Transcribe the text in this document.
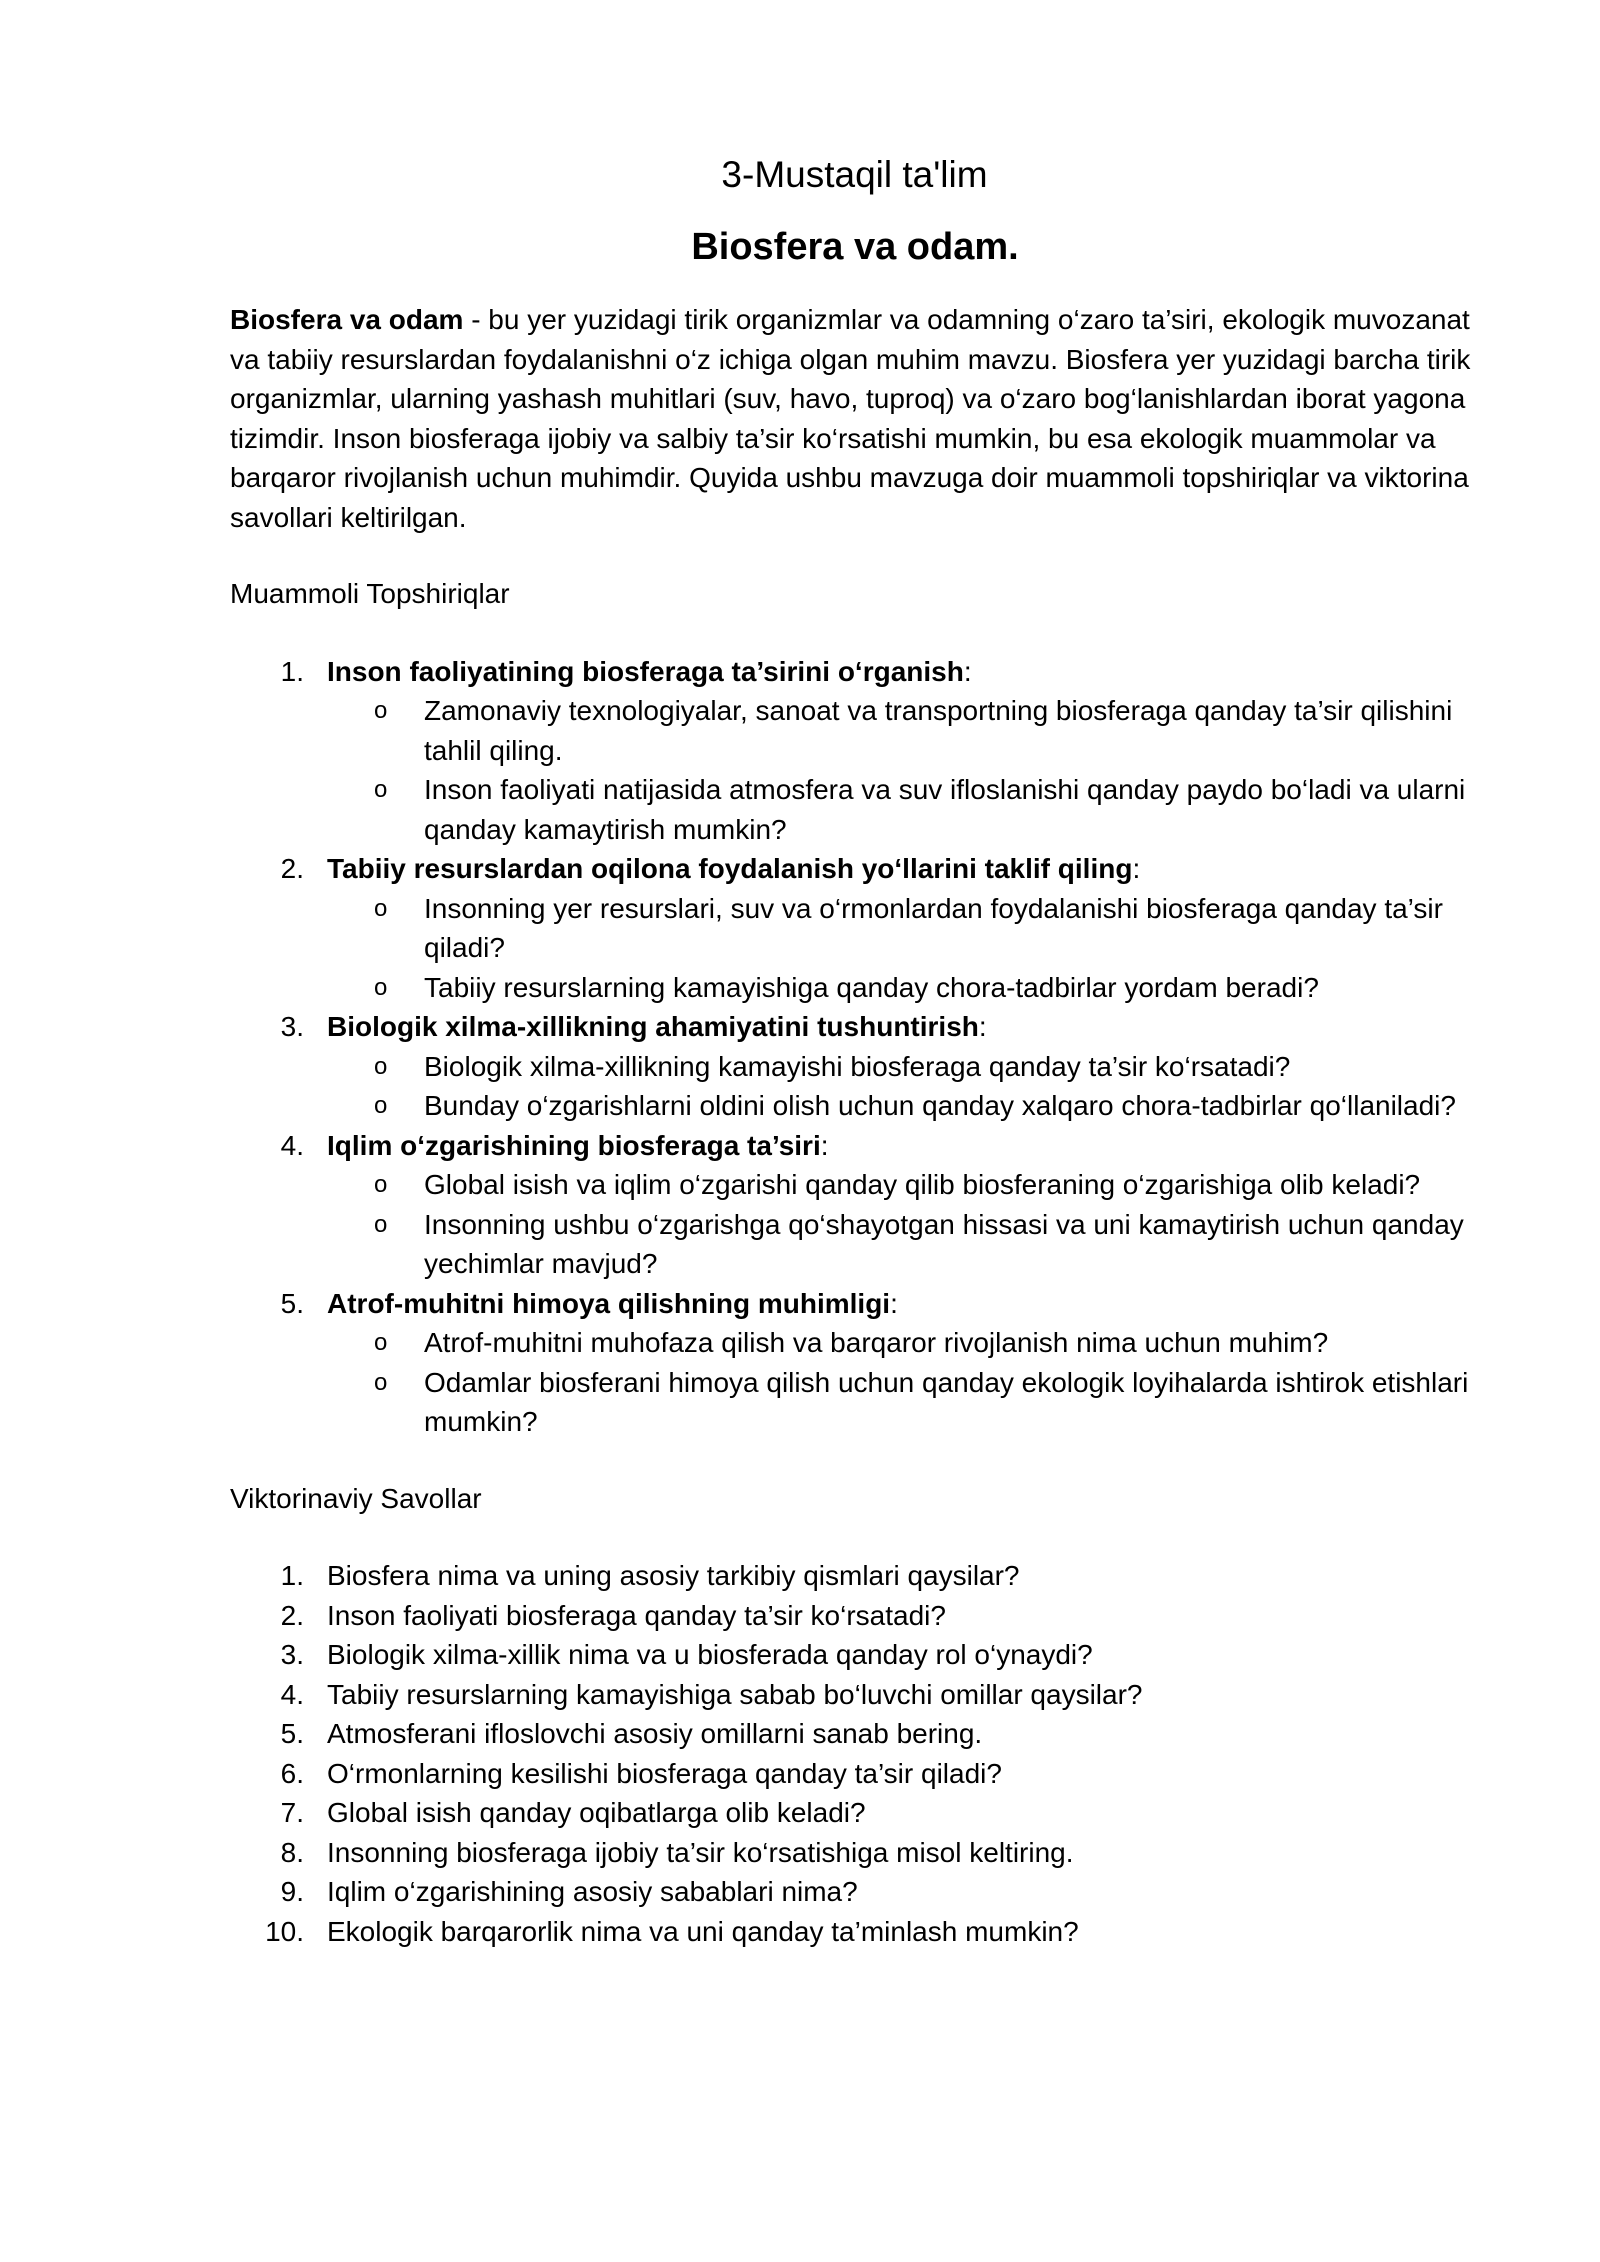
3-Mustaqil ta'lim
Biosfera va odam.

Biosfera va odam - bu yer yuzidagi tirik organizmlar va odamning o‘zaro ta’siri, ekologik muvozanat va tabiiy resurslardan foydalanishni o‘z ichiga olgan muhim mavzu. Biosfera yer yuzidagi barcha tirik organizmlar, ularning yashash muhitlari (suv, havo, tuproq) va o‘zaro bog‘lanishlardan iborat yagona tizimdir. Inson biosferaga ijobiy va salbiy ta’sir ko‘rsatishi mumkin, bu esa ekologik muammolar va barqaror rivojlanish uchun muhimdir. Quyida ushbu mavzuga doir muammoli topshiriqlar va viktorina savollari keltirilgan.

Muammoli Topshiriqlar
1. Inson faoliyatining biosferaga ta’sirini o‘rganish:
o Zamonaviy texnologiyalar, sanoat va transportning biosferaga qanday ta’sir qilishini tahlil qiling.
o Inson faoliyati natijasida atmosfera va suv ifloslanishi qanday paydo bo‘ladi va ularni qanday kamaytirish mumkin?
2. Tabiiy resurslardan oqilona foydalanish yo‘llarini taklif qiling:
o Insonning yer resurslari, suv va o‘rmonlardan foydalanishi biosferaga qanday ta’sir qiladi?
o Tabiiy resurslarning kamayishiga qanday chora-tadbirlar yordam beradi?
3. Biologik xilma-xillikning ahamiyatini tushuntirish:
o Biologik xilma-xillikning kamayishi biosferaga qanday ta’sir ko‘rsatadi?
o Bunday o‘zgarishlarni oldini olish uchun qanday xalqaro chora-tadbirlar qo‘llaniladi?
4. Iqlim o‘zgarishining biosferaga ta’siri:
o Global isish va iqlim o‘zgarishi qanday qilib biosferaning o‘zgarishiga olib keladi?
o Insonning ushbu o‘zgarishga qo‘shayotgan hissasi va uni kamaytirish uchun qanday yechimlar mavjud?
5. Atrof-muhitni himoya qilishning muhimligi:
o Atrof-muhitni muhofaza qilish va barqaror rivojlanish nima uchun muhim?
o Odamlar biosferani himoya qilish uchun qanday ekologik loyihalarda ishtirok etishlari mumkin?
Viktorinaviy Savollar
1. Biosfera nima va uning asosiy tarkibiy qismlari qaysilar?
2. Inson faoliyati biosferaga qanday ta’sir ko‘rsatadi?
3. Biologik xilma-xillik nima va u biosferada qanday rol o‘ynaydi?
4. Tabiiy resurslarning kamayishiga sabab bo‘luvchi omillar qaysilar?
5. Atmosferani ifloslovchi asosiy omillarni sanab bering.
6. O‘rmonlarning kesilishi biosferaga qanday ta’sir qiladi?
7. Global isish qanday oqibatlarga olib keladi?
8. Insonning biosferaga ijobiy ta’sir ko‘rsatishiga misol keltiring.
9. Iqlim o‘zgarishining asosiy sabablari nima?
10. Ekologik barqarorlik nima va uni qanday ta’minlash mumkin?
